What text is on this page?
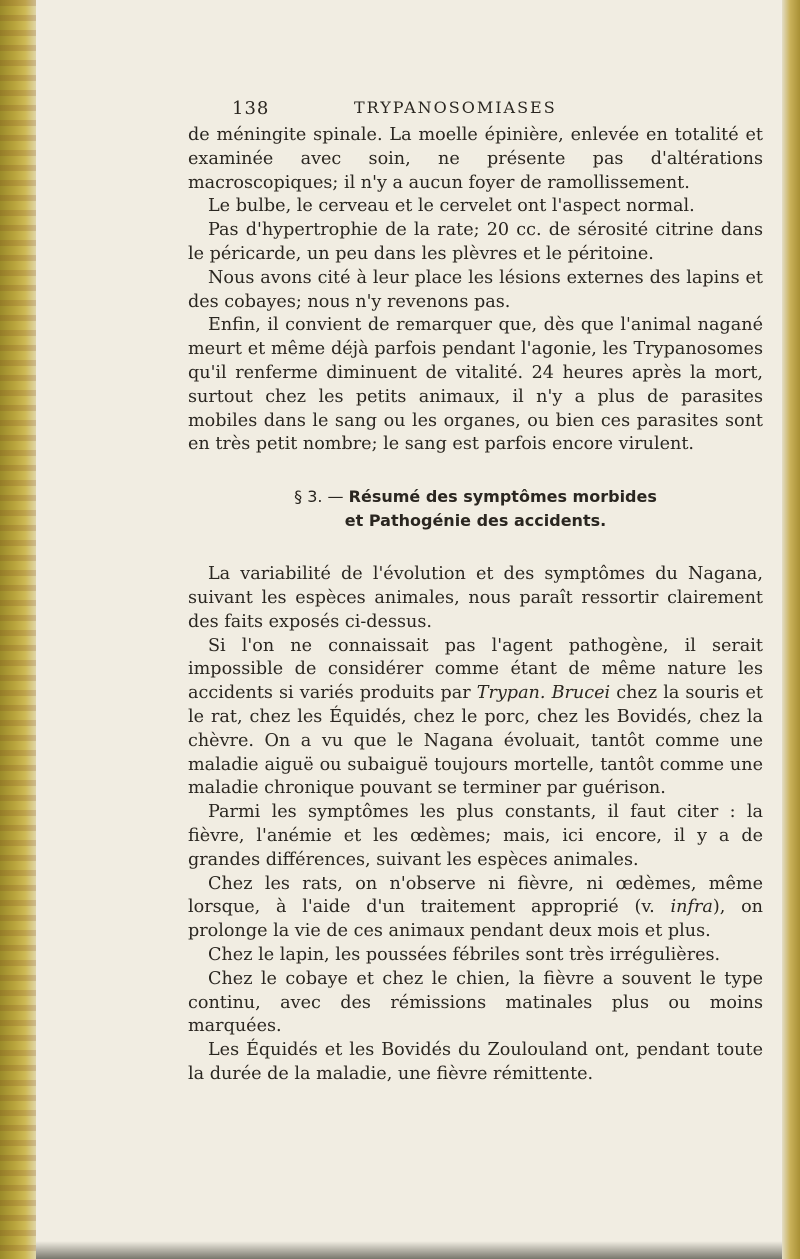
138	TRYPANOSOMIASES

de méningite spinale. La moelle épinière, enlevée en totalité et examinée avec soin, ne présente pas d'altérations macroscopiques; il n'y a aucun foyer de ramollissement.

Le bulbe, le cerveau et le cervelet ont l'aspect normal.

Pas d'hypertrophie de la rate; 20 cc. de sérosité citrine dans le péricarde, un peu dans les plèvres et le péritoine.

Nous avons cité à leur place les lésions externes des lapins et des cobayes; nous n'y revenons pas.

Enfin, il convient de remarquer que, dès que l'animal nagané meurt et même déjà parfois pendant l'agonie, les Trypanosomes qu'il renferme diminuent de vitalité. 24 heures après la mort, surtout chez les petits animaux, il n'y a plus de parasites mobiles dans le sang ou les organes, ou bien ces parasites sont en très petit nombre; le sang est parfois encore virulent.

§ 3. — Résumé des symptômes morbides
et Pathogénie des accidents.

La variabilité de l'évolution et des symptômes du Nagana, suivant les espèces animales, nous paraît ressortir clairement des faits exposés ci-dessus.

Si l'on ne connaissait pas l'agent pathogène, il serait impossible de considérer comme étant de même nature les accidents si variés produits par Trypan. Brucei chez la souris et le rat, chez les Équidés, chez le porc, chez les Bovidés, chez la chèvre. On a vu que le Nagana évoluait, tantôt comme une maladie aiguë ou subaiguë toujours mortelle, tantôt comme une maladie chronique pouvant se terminer par guérison.

Parmi les symptômes les plus constants, il faut citer : la fièvre, l'anémie et les œdèmes; mais, ici encore, il y a de grandes différences, suivant les espèces animales.

Chez les rats, on n'observe ni fièvre, ni œdèmes, même lorsque, à l'aide d'un traitement approprié (v. infra), on prolonge la vie de ces animaux pendant deux mois et plus.

Chez le lapin, les poussées fébriles sont très irrégulières.

Chez le cobaye et chez le chien, la fièvre a souvent le type continu, avec des rémissions matinales plus ou moins marquées.

Les Équidés et les Bovidés du Zoulouland ont, pendant toute la durée de la maladie, une fièvre rémittente.
